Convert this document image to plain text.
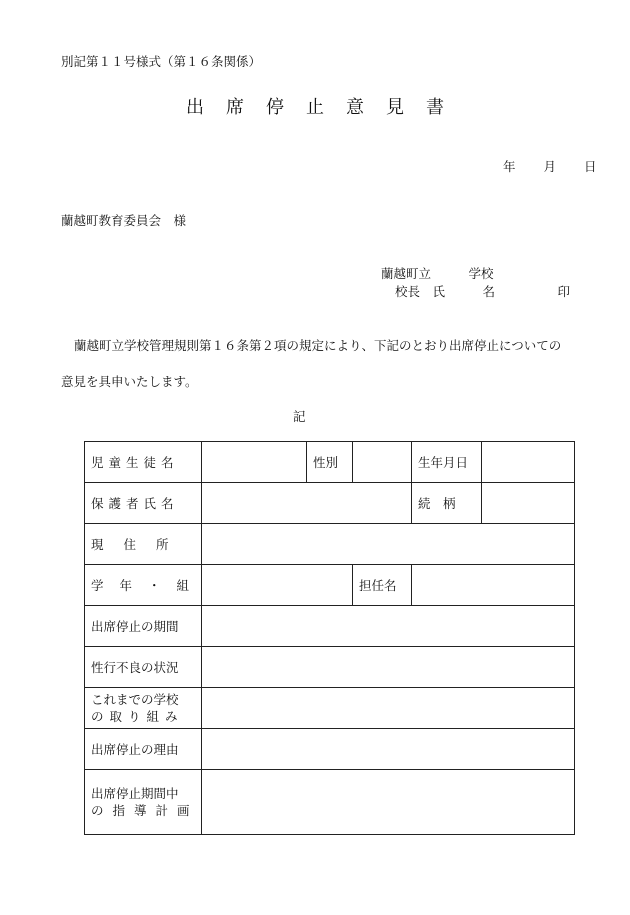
別記第１１号様式（第１６条関係）
出席停止意見書
年 月 日
蘭越町教育委員会　様
蘭越町立　　　学校
校長　氏　　　名　　　　　印
蘭越町立学校管理規則第１６条第２項の規定により、下記のとおり出席停止についての
意見を具申いたします。
記
児童生徒名		性別		生年月日	
保護者氏名				続　柄	
現住所					
学年・組			担任名		
出席停止の期間					
性行不良の状況					

これまでの学校
の取り組み					

出席停止の理由					

出席停止期間中
の指導計画					
